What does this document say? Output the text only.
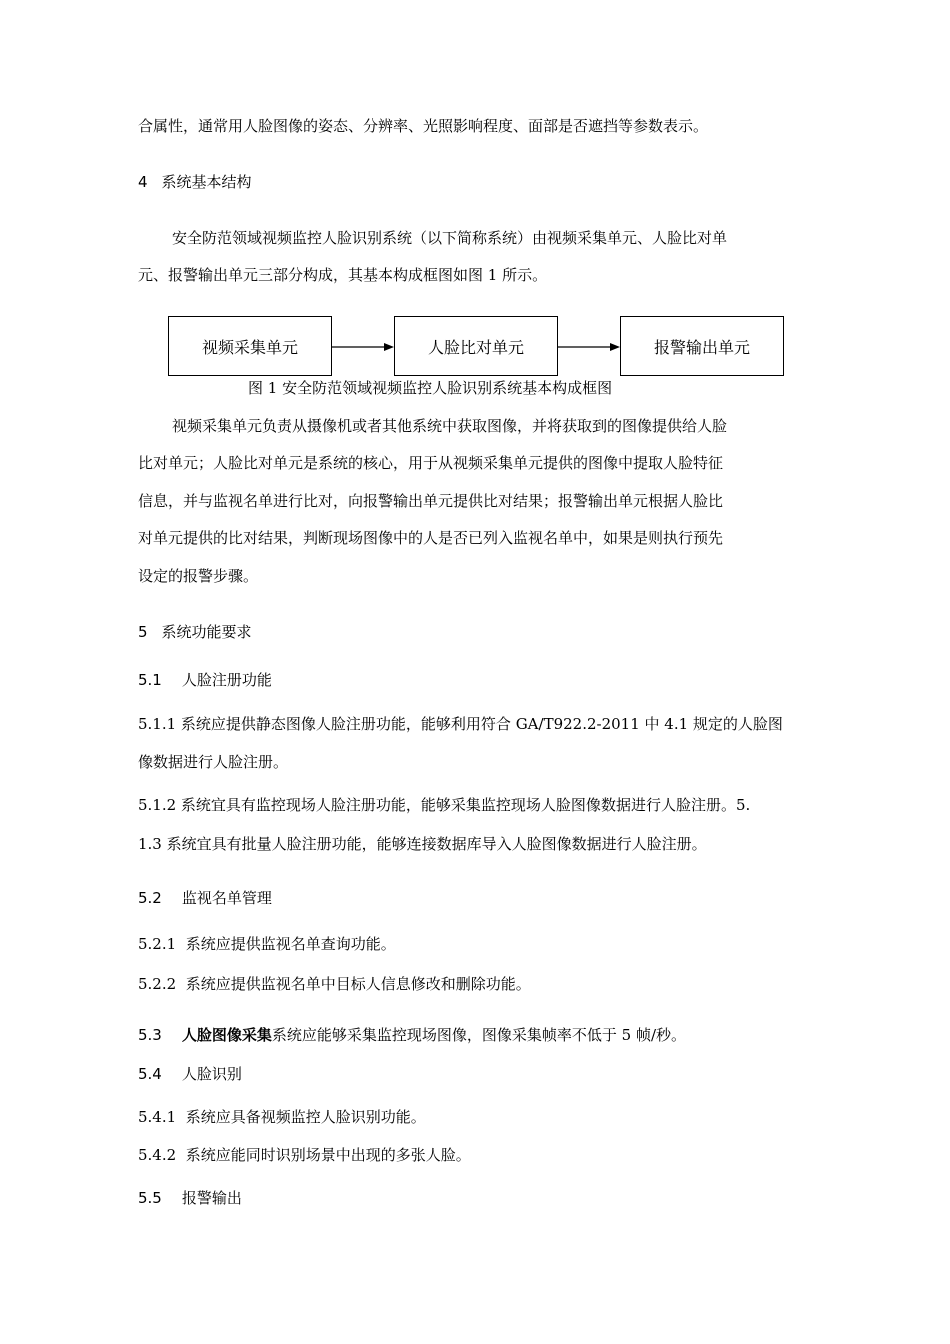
合属性，通常用人脸图像的姿态、分辨率、光照影响程度、面部是否遮挡等参数表示。
4 系统基本结构
安全防范领域视频监控人脸识别系统（以下简称系统）由视频采集单元、人脸比对单
元、报警输出单元三部分构成，其基本构成框图如图 1 所示。
视频采集单元	人脸比对单元	报警输出单元
图 1 安全防范领域视频监控人脸识别系统基本构成框图
视频采集单元负责从摄像机或者其他系统中获取图像，并将获取到的图像提供给人脸
比对单元；人脸比对单元是系统的核心，用于从视频采集单元提供的图像中提取人脸特征
信息，并与监视名单进行比对，向报警输出单元提供比对结果；报警输出单元根据人脸比
对单元提供的比对结果，判断现场图像中的人是否已列入监视名单中，如果是则执行预先
设定的报警步骤。
5 系统功能要求
5.1 人脸注册功能
5.1.1 系统应提供静态图像人脸注册功能，能够利用符合 GA/T922.2-2011 中 4.1 规定的人脸图
像数据进行人脸注册。
5.1.2 系统宜具有监控现场人脸注册功能，能够采集监控现场人脸图像数据进行人脸注册。5.
1.3 系统宜具有批量人脸注册功能，能够连接数据库导入人脸图像数据进行人脸注册。
5.2 监视名单管理
5.2.1 系统应提供监视名单查询功能。
5.2.2 系统应提供监视名单中目标人信息修改和删除功能。
5.3 人脸图像采集系统应能够采集监控现场图像，图像采集帧率不低于 5 帧/秒。
5.4 人脸识别
5.4.1 系统应具备视频监控人脸识别功能。
5.4.2 系统应能同时识别场景中出现的多张人脸。
5.5 报警输出
